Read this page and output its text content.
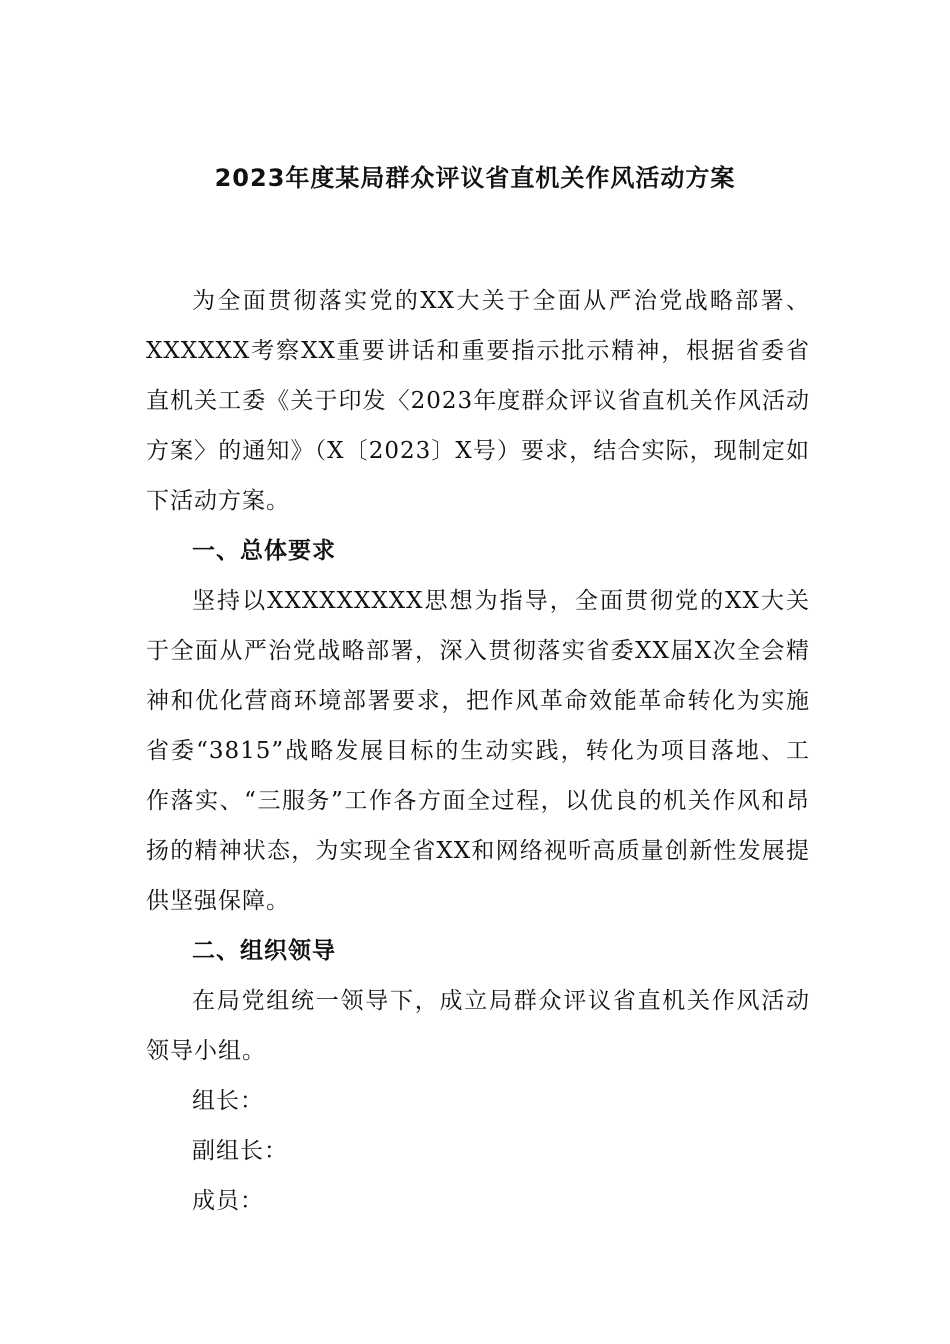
2023年度某局群众评议省直机关作风活动方案

为全面贯彻落实党的XX大关于全面从严治党战略部署、XXXXXX考察XX重要讲话和重要指示批示精神，根据省委省直机关工委《关于印发〈2023年度群众评议省直机关作风活动方案〉的通知》（X〔2023〕X号）要求，结合实际，现制定如下活动方案。

一、总体要求

坚持以XXXXXXXXX思想为指导，全面贯彻党的XX大关于全面从严治党战略部署，深入贯彻落实省委XX届X次全会精神和优化营商环境部署要求，把作风革命效能革命转化为实施省委“3815”战略发展目标的生动实践，转化为项目落地、工作落实、“三服务”工作各方面全过程，以优良的机关作风和昂扬的精神状态，为实现全省XX和网络视听高质量创新性发展提供坚强保障。

二、组织领导

在局党组统一领导下，成立局群众评议省直机关作风活动领导小组。

组长：

副组长：

成员：
